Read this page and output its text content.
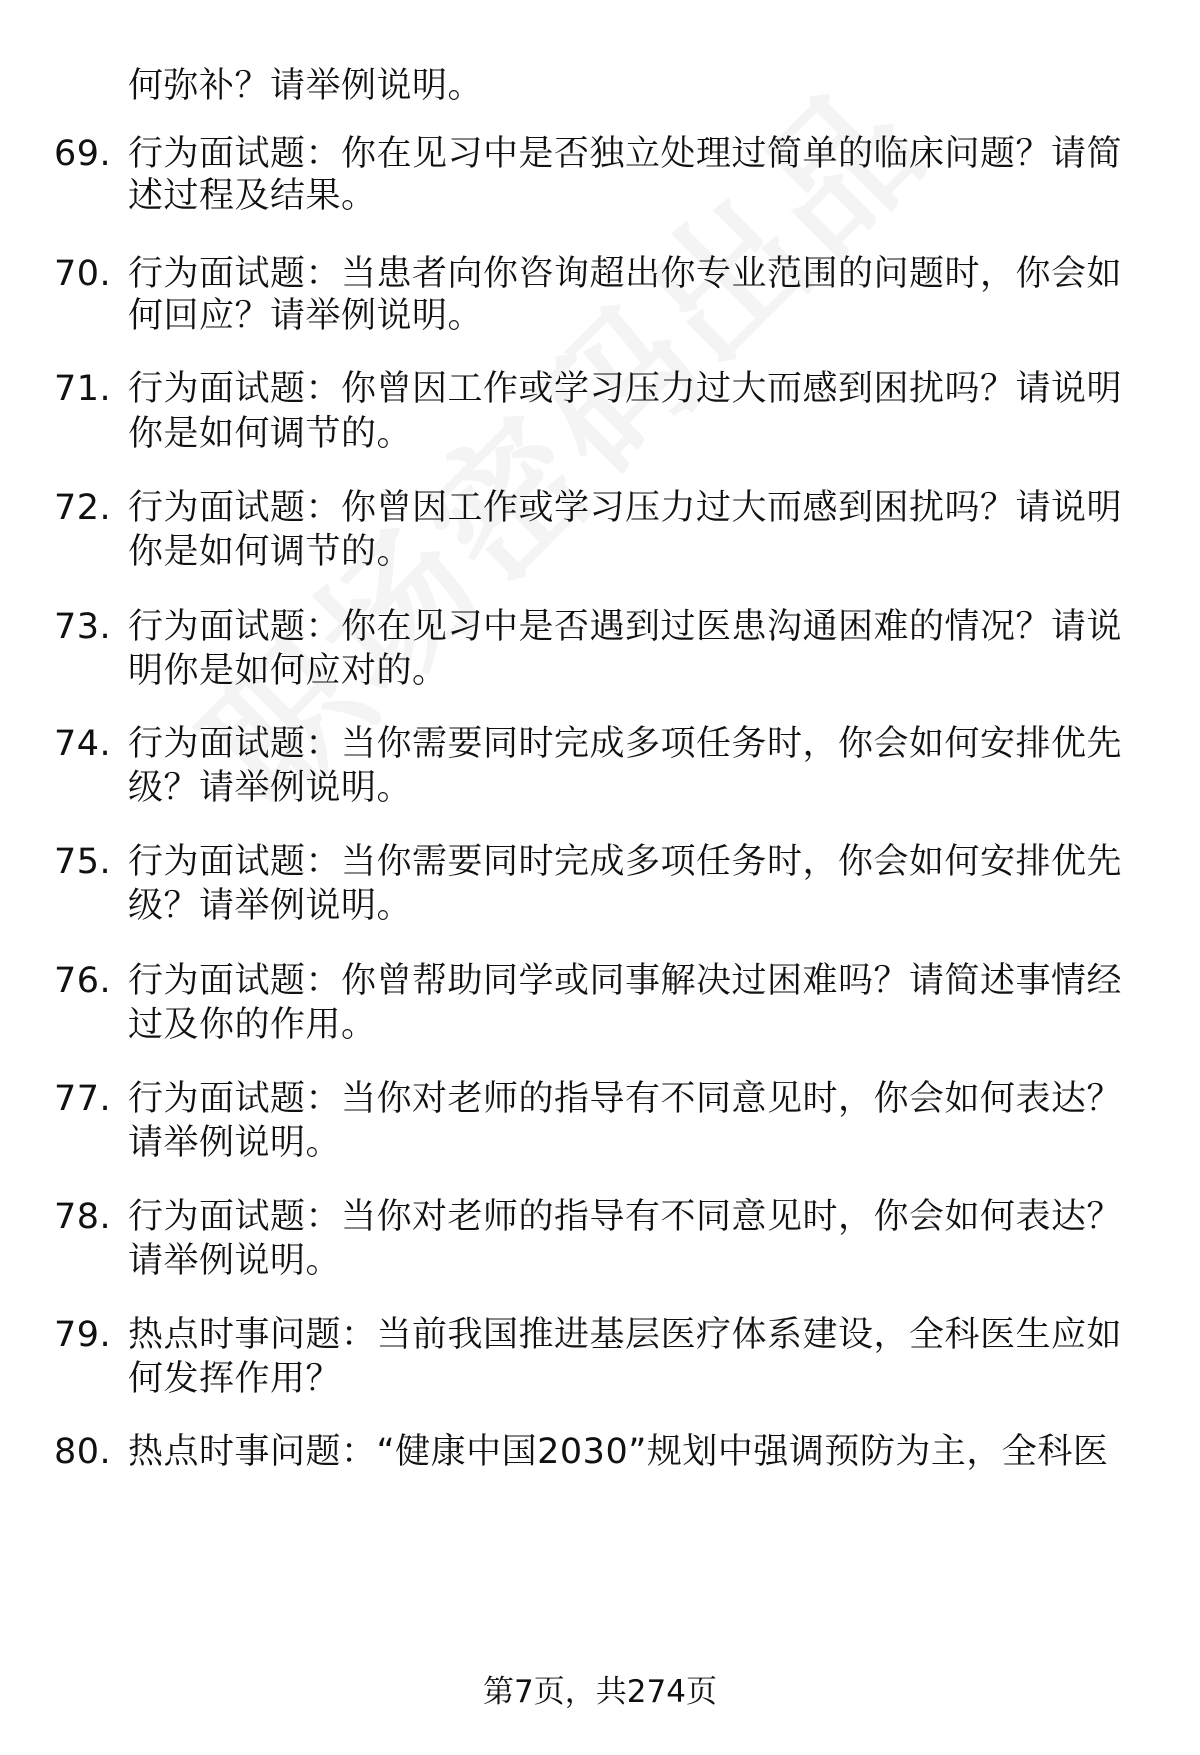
何弥补？请举例说明。
69. 行为面试题：你在见习中是否独立处理过简单的临床问题？请简
述过程及结果。
70. 行为面试题：当患者向你咨询超出你专业范围的问题时，你会如
何回应？请举例说明。
71. 行为面试题：你曾因工作或学习压力过大而感到困扰吗？请说明
你是如何调节的。
72. 行为面试题：你曾因工作或学习压力过大而感到困扰吗？请说明
你是如何调节的。
73. 行为面试题：你在见习中是否遇到过医患沟通困难的情况？请说
明你是如何应对的。
74. 行为面试题：当你需要同时完成多项任务时，你会如何安排优先
级？请举例说明。
75. 行为面试题：当你需要同时完成多项任务时，你会如何安排优先
级？请举例说明。
76. 行为面试题：你曾帮助同学或同事解决过困难吗？请简述事情经
过及你的作用。
77. 行为面试题：当你对老师的指导有不同意见时，你会如何表达？
请举例说明。
78. 行为面试题：当你对老师的指导有不同意见时，你会如何表达？
请举例说明。
79. 热点时事问题：当前我国推进基层医疗体系建设，全科医生应如
何发挥作用？
80. 热点时事问题：“健康中国2030”规划中强调预防为主，全科医
第7页，共274页
